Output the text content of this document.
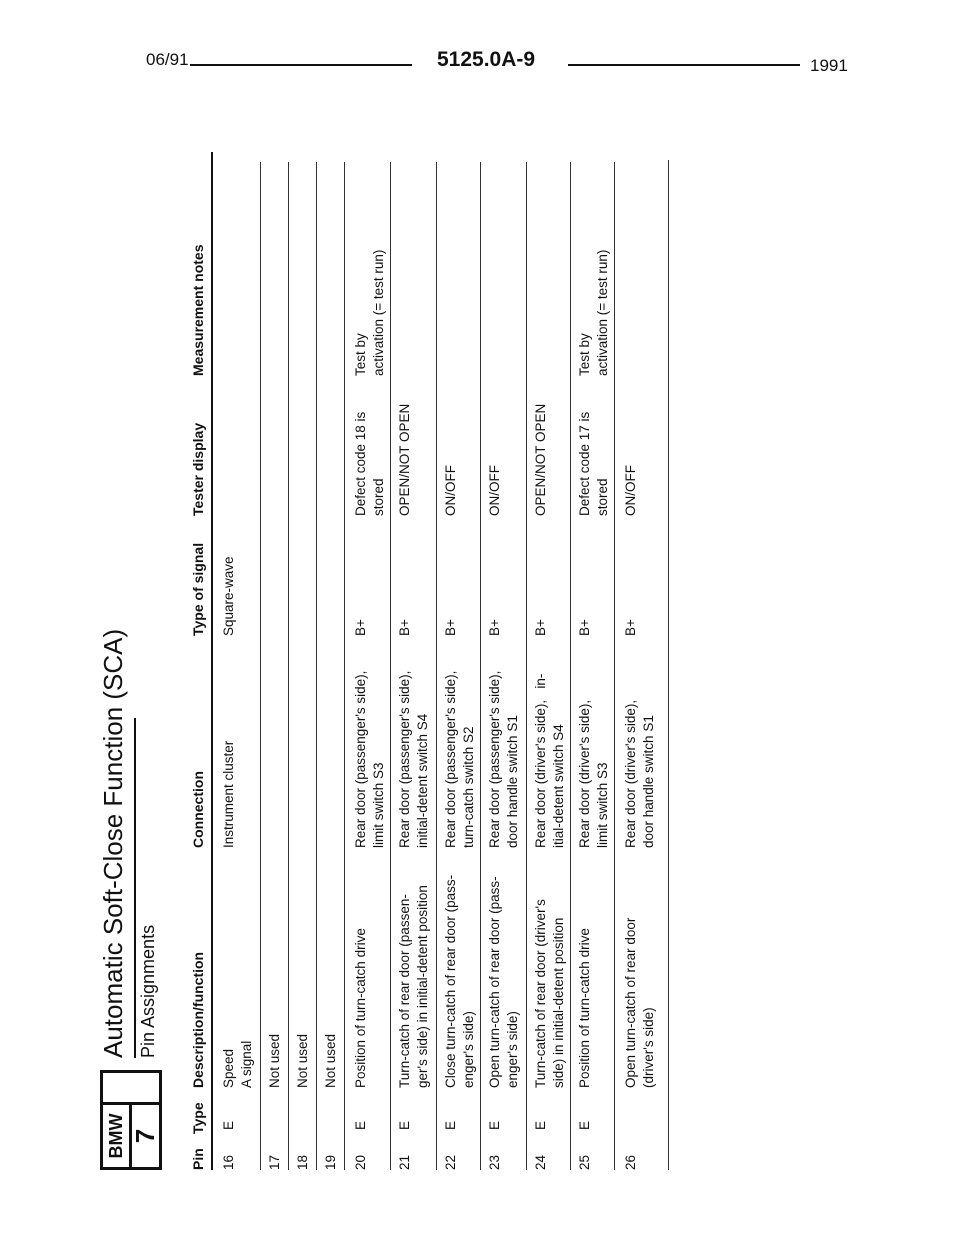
06/91	5125.0A-9	1991
BMW 7
Automatic Soft-Close Function (SCA) Pin Assignments
Pin
Type
Description/function
Connection
Type of signal
Tester display
Measurement notes
16
E
Speed
A signal
Instrument cluster
Square-wave
17
Not used
18
Not used
19
Not used
20
E
Position of turn-catch drive
Rear door (passenger's side),
limit switch S3
B+
Defect code 18 is
stored
Test by
activation (= test run)
21
E
Turn-catch of rear door (passen-
ger's side) in initial-detent position
Rear door (passenger's side),
initial-detent switch S4
B+
OPEN/NOT OPEN
22
E
Close turn-catch of rear door (pass-
enger's side)
Rear door (passenger's side),
turn-catch switch S2
B+
ON/OFF
23
E
Open turn-catch of rear door (pass-
enger's side)
Rear door (passenger's side),
door handle switch S1
B+
ON/OFF
24
E
Turn-catch of rear door (driver's
side) in initial-detent position
Rear door (driver's side),   in-
itial-detent switch S4
B+
OPEN/NOT OPEN
25
E
Position of turn-catch drive
Rear door (driver's side),
limit switch S3
B+
Defect code 17 is
stored
Test by
activation (= test run)
26
Open turn-catch of rear door
(driver's side)
Rear door (driver's side),
door handle switch S1
B+
ON/OFF
